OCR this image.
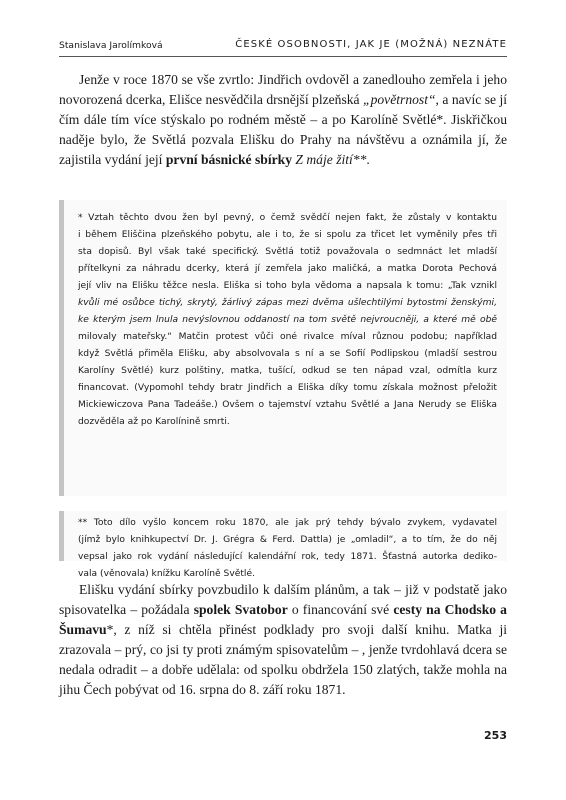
Stanislava Jarolímková	ČESKÉ OSOBNOSTI, JAK JE (MOŽNÁ) NEZNÁTE

Jenže v roce 1870 se vše zvrtlo: Jindřich ovdověl a zanedlouho zemřela i jeho novorozená dcerka, Elišce nesvědčila drsnější plzeňská „povětrnost“, a navíc se jí čím dále tím více stýskalo po rodném městě – a po Karolíně Světlé*. Jiskřičkou naděje bylo, že Světlá pozvala Elišku do Prahy na návštěvu a oznámila jí, že zajistila vydání její první básnické sbírky Z máje žití**.

* Vztah těchto dvou žen byl pevný, o čemž svědčí nejen fakt, že zůstaly v kontaktu
i během Eliščina plzeňského pobytu, ale i to, že si spolu za třicet let vyměnily přes tři
sta dopisů. Byl však také specifický. Světlá totiž považovala o sedmnáct let mladší
přítelkyni za náhradu dcerky, která jí zemřela jako maličká, a matka Dorota Pechová
její vliv na Elišku těžce nesla. Eliška si toho byla vědoma a napsala k tomu: „Tak vznikl
kvůli mé osůbce tichý, skrytý, žárlivý zápas mezi dvěma ušlechtilými bytostmi ženskými,
ke kterým jsem lnula nevýslovnou oddaností na tom světě nejvroucněji, a které mě obě
milovaly mateřsky.“ Matčin protest vůči oné rivalce míval různou podobu; například
když Světlá přiměla Elišku, aby absolvovala s ní a se Sofií Podlipskou (mladší sestrou
Karolíny Světlé) kurz polštiny, matka, tušící, odkud se ten nápad vzal, odmítla kurz
financovat. (Vypomohl tehdy bratr Jindřich a Eliška díky tomu získala možnost přeložit
Mickiewiczova Pana Tadeáše.) Ovšem o tajemství vztahu Světlé a Jana Nerudy se Eliška
dozvěděla až po Karolínině smrti.
** Toto dílo vyšlo koncem roku 1870, ale jak prý tehdy bývalo zvykem, vydavatel
(jímž bylo knihkupectví Dr. J. Grégra & Ferd. Dattla) je „omladil“, a to tím, že do něj
vepsal jako rok vydání následující kalendářní rok, tedy 1871. Šťastná autorka dediko-
vala (věnovala) knížku Karolíně Světlé.

Elišku vydání sbírky povzbudilo k dalším plánům, a tak – již v podstatě jako spisovatelka – požádala spolek Svatobor o financování své cesty na Chodsko a Šumavu*, z níž si chtěla přinést podklady pro svoji další knihu. Matka ji zrazovala – prý, co jsi ty proti známým spisovatelům – , jenže tvrdohlavá dcera se nedala odradit – a dobře udělala: od spolku obdržela 150 zlatých, takže mohla na jihu Čech pobývat od 16. srpna do 8. září roku 1871.

253
